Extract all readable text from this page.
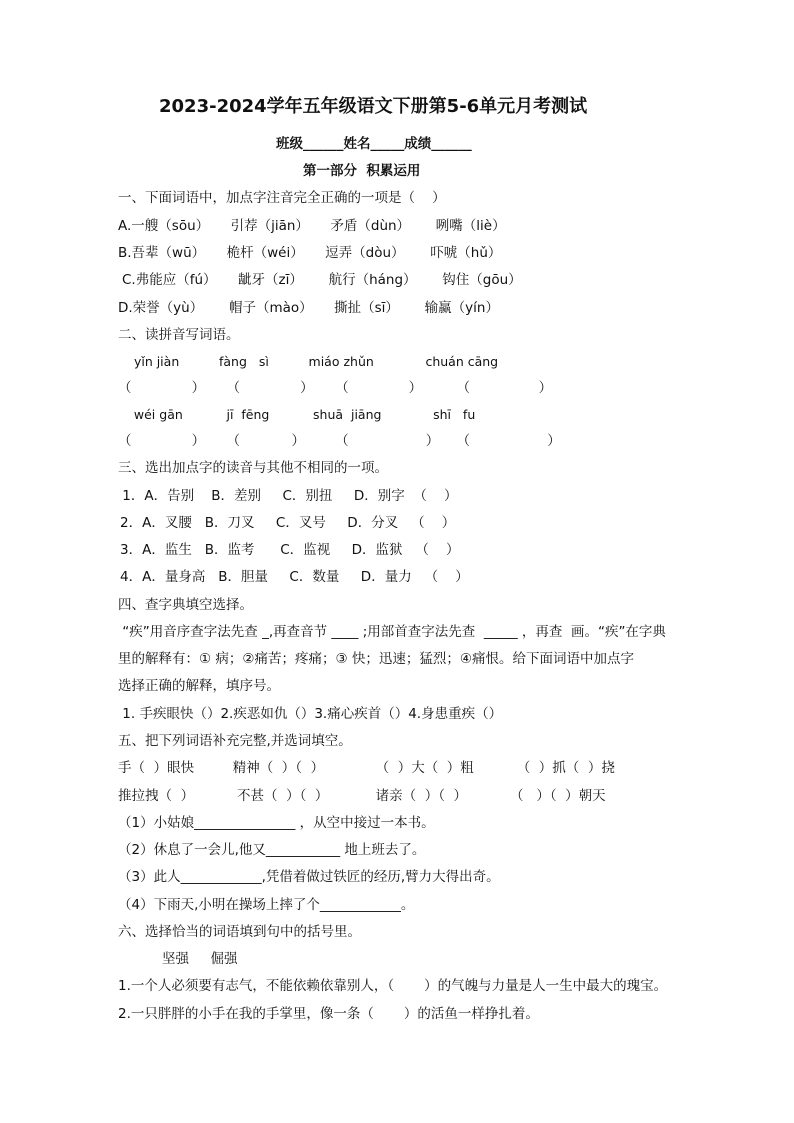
2023-2024学年五年级语文下册第5-6单元月考测试
班级______姓名_____成绩______
第一部分  积累运用
一、下面词语中，加点字注音完全正确的一项是（    ）
A.一艘（sōu）     引荐（jiān）     矛盾（dùn）      咧嘴（liè）
B.吾辈（wū）     桅杆（wéi）     逗弄（dòu）      吓唬（hǔ）
C.弗能应（fú）     龇牙（zī）      航行（háng）      钩住（gōu）
D.荣誉（yù）      帽子（mào）     撕扯（sī）      输赢（yín）
二、读拼音写词语。
yǐn jiàn          fàng   sì          miáo zhǔn             chuán cāng
（              ）     （              ）     （              ）        （                ）
wéi gān           jī  fēng           shuā  jiāng             shī   fu
（              ）     （            ）       （                  ）    （                  ）
三、选出加点字的读音与其他不相同的一项。
1．A．告别    B．差别     C．别扭     D．别字  （    ）
2．A．叉腰   B．刀叉     C．叉号     D．分叉   （    ）
3．A．监生   B．监考      C．监视     D．监狱   （    ）
4．A．量身高   B．胆量     C．数量     D．量力   （    ）
四、查字典填空选择。
“疾”用音序查字法先查 _,再查音节 ____ ;用部首查字法先查  _____ ，再查  画。“疾”在字典
里的解释有：① 病；②痛苦；疼痛；③ 快；迅速；猛烈；④痛恨。给下面词语中加点字
选择正确的解释，填序号。
1. 手疾眼快（）2.疾恶如仇（）3.痛心疾首（）4.身患重疾（）
五、把下列词语补充完整,并选词填空。
手（  ）眼快         精神（  ）（  ）            （  ）大（  ）粗          （  ）抓（  ）挠
推拉拽（  ）          不甚（  ）（  ）           诸亲（  ）（  ）          （   ）（  ）朝天
（1）小姑娘_______________ ，从空中接过一本书。
（2）休息了一会儿,他又___________ 地上班去了。
（3）此人____________,凭借着做过铁匠的经历,臂力大得出奇。
（4）下雨天,小明在操场上摔了个____________。
六、选择恰当的词语填到句中的括号里。
坚强     倔强
1.一个人必须要有志气，不能依赖依靠别人，（       ）的气魄与力量是人一生中最大的瑰宝。
2.一只胖胖的小手在我的手掌里，像一条（       ）的活鱼一样挣扎着。
